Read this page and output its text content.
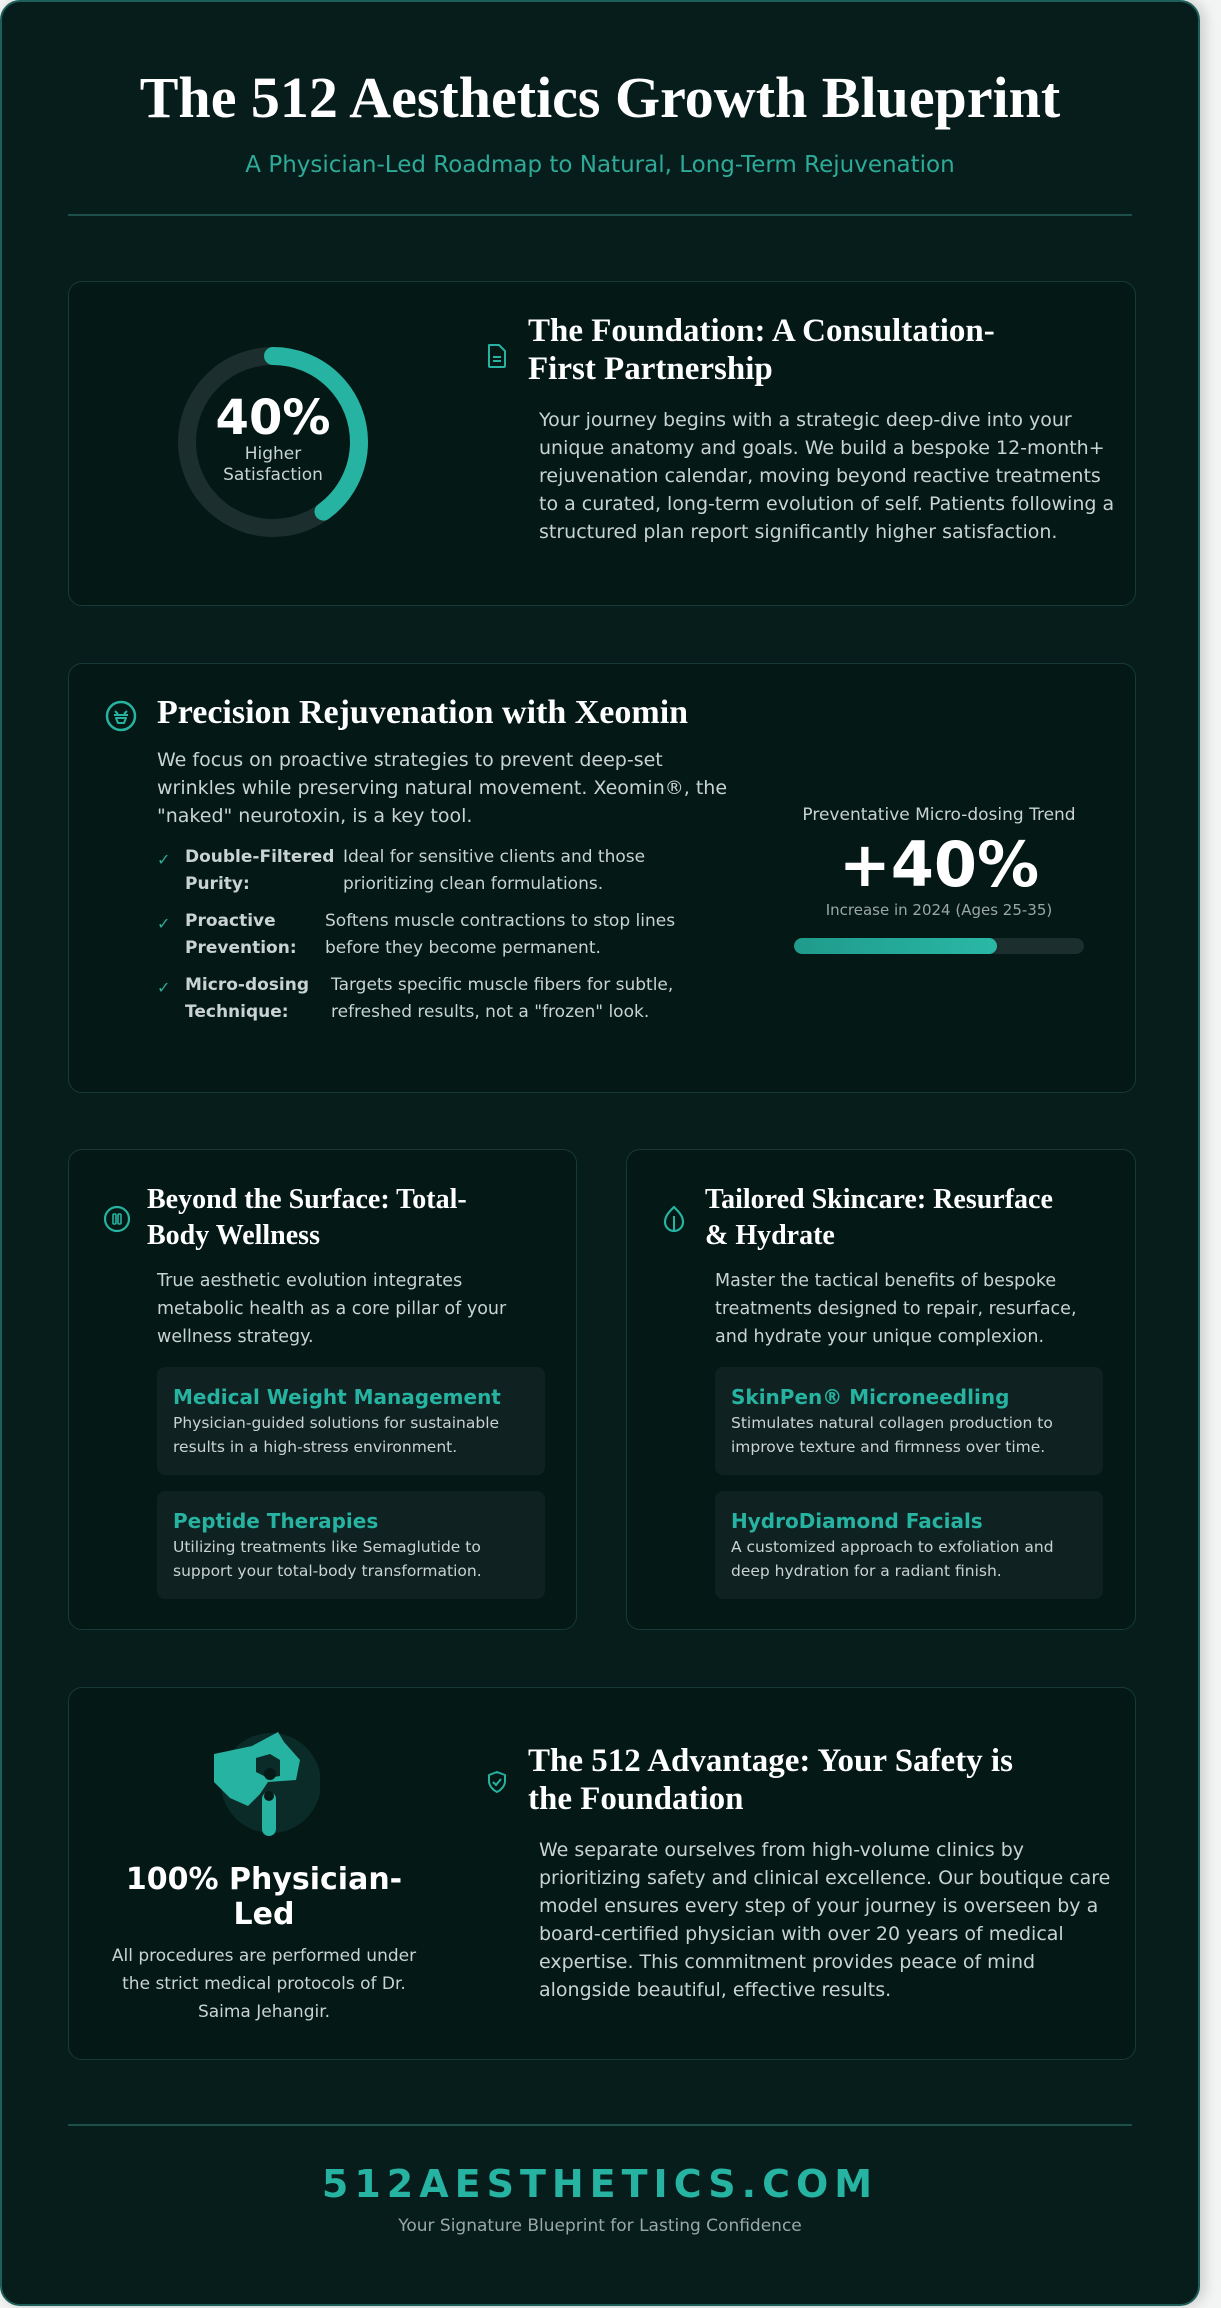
The 512 Aesthetics Growth Blueprint
A Physician-Led Roadmap to Natural, Long-Term Rejuvenation
40%
Higher
Satisfaction
The Foundation: A Consultation-
First Partnership
Your journey begins with a strategic deep-dive into your unique anatomy and goals. We build a bespoke 12-month+ rejuvenation calendar, moving beyond reactive treatments to a curated, long-term evolution of self. Patients following a structured plan report significantly higher satisfaction.
Precision Rejuvenation with Xeomin
We focus on proactive strategies to prevent deep-set wrinkles while preserving natural movement. Xeomin®, the "naked" neurotoxin, is a key tool.
✓ Double-Filtered Purity:
Ideal for sensitive clients and those prioritizing clean formulations.
✓ Proactive Prevention:
Softens muscle contractions to stop lines before they become permanent.
✓ Micro-dosing Technique:
Targets specific muscle fibers for subtle, refreshed results, not a "frozen" look.
Preventative Micro-dosing Trend
+40%
Increase in 2024 (Ages 25-35)
Beyond the Surface: Total-
Body Wellness
True aesthetic evolution integrates metabolic health as a core pillar of your wellness strategy.
Medical Weight Management
Physician-guided solutions for sustainable results in a high-stress environment.
Peptide Therapies
Utilizing treatments like Semaglutide to support your total-body transformation.
Tailored Skincare: Resurface
& Hydrate
Master the tactical benefits of bespoke treatments designed to repair, resurface, and hydrate your unique complexion.
SkinPen® Microneedling
Stimulates natural collagen production to improve texture and firmness over time.
HydroDiamond Facials
A customized approach to exfoliation and deep hydration for a radiant finish.
100% Physician-
Led
All procedures are performed under the strict medical protocols of Dr. Saima Jehangir.
The 512 Advantage: Your Safety is
the Foundation
We separate ourselves from high-volume clinics by prioritizing safety and clinical excellence. Our boutique care model ensures every step of your journey is overseen by a board-certified physician with over 20 years of medical expertise. This commitment provides peace of mind alongside beautiful, effective results.
512AESTHETICS.COM
Your Signature Blueprint for Lasting Confidence
